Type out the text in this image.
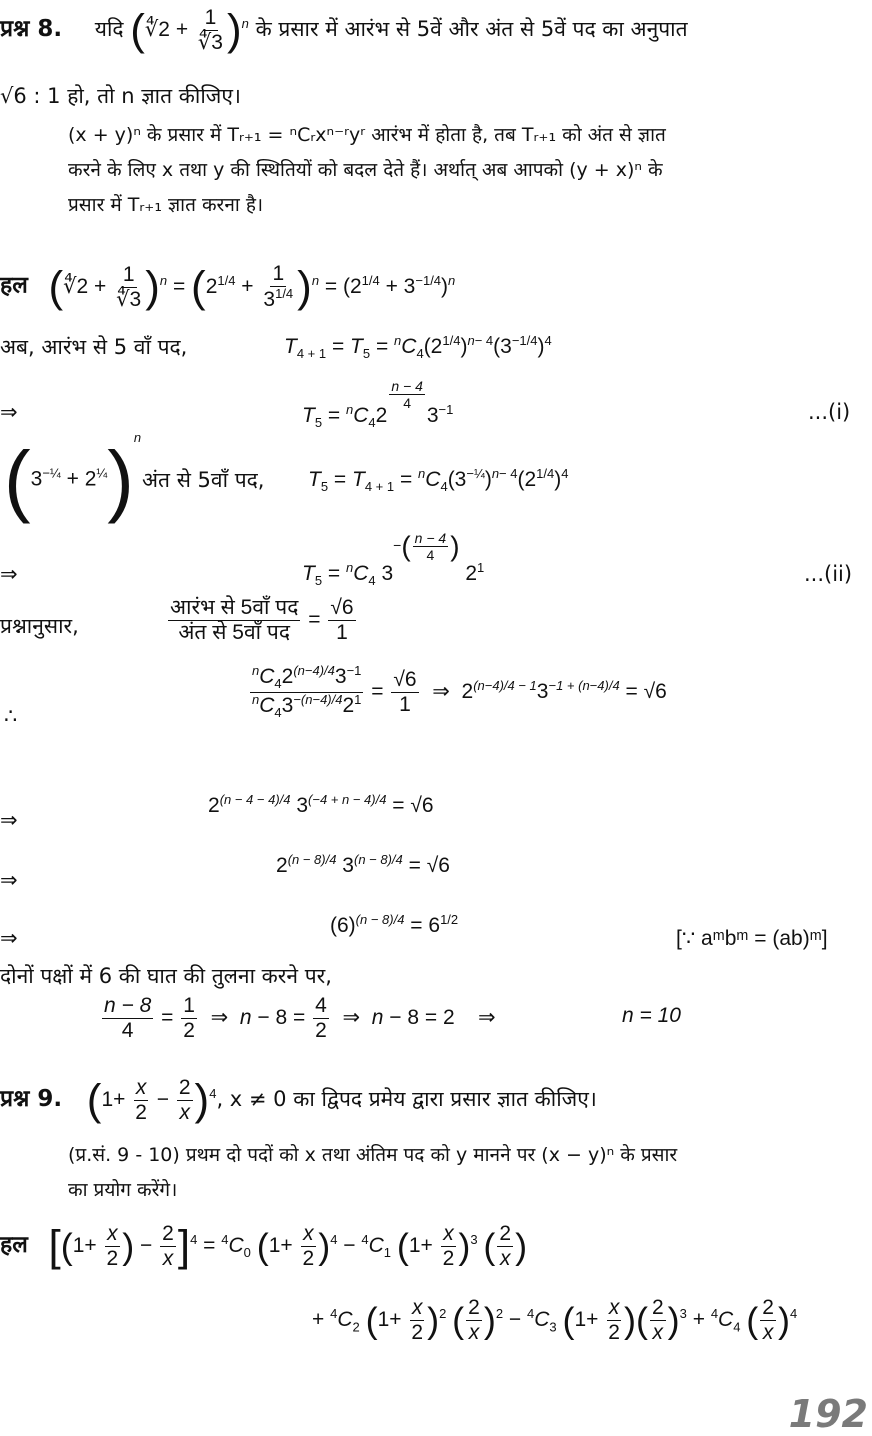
प्रश्न 8. यदि (∜2 + $\frac{1}{∜3} )^n$ के प्रसार में आरंभ से 5वें और अंत से 5वें पद का अनुपात
√6 : 1 हो, तो n ज्ञात कीजिए।
(x + y)ⁿ के प्रसार में Tᵣ₊₁ = ⁿCᵣxⁿ⁻ʳyʳ आरंभ में होता है, तब Tᵣ₊₁ को अंत से ज्ञात
करने के लिए x तथा y की स्थितियों को बदल देते हैं। अर्थात् अब आपको (y + x)ⁿ के
प्रसार में Tᵣ₊₁ ज्ञात करना है।
हल (∜2 + $\frac{1}{∜3} )^n = (2^{1/4} + \frac{1}{3^{1/4}} )^n = (2^{1/4} + 3^{-1/4})^n$
अब, आरंभ से 5 वाँ पद,	$T_{4 + 1} = T_5 = ^nC_4(2^{1/4})^{n- 4}(3^{-1/4})^4$
⇒	$T_5 = ^nC_42$
$\frac{n - 4}{4}$
$3^{-1}$	...(i)
$(3^{-\frac{1}{4}} + 2^{\frac{1}{4}})^n$
अंत से 5वाँ पद, $T_5 = T_{4 + 1} = ^nC_4(3^{-\frac{1}{4}})^{n- 4}(2^{1/4})^4$
⇒	$T_5 = ^nC_4$ $3-( \frac{n - 4}{4}$ ) $2^1$	...(ii)
प्रश्नानुसार,	$\frac{\text{आरंभ से 5वाँ पद}}{\text{अंत से 5वाँ पद}} = \frac{√6}{1}$
∴	$\frac{^nC_42^{(n-4)/4}3^{-1}}{^nC_43^{-(n-4)/4}2^1} = \frac{√6}{1}$ ⇒  $2^{(n-4)/4 - 1}3^{-1 + (n-4)/4} = √6$
⇒
$2^{(n - 4 - 4)/4}$ $3^{(-4 + n - 4)/4} = √6$
⇒
$2^{(n - 8)/4}$ $3^{(n - 8)/4} = √6$
⇒
$(6)^{(n - 8)/4} = 6^{1/2}$
[∵ aᵐbᵐ = (ab)ᵐ]
दोनों पक्षों में 6 की घात की तुलना करने पर,
$\frac{n - 8}{4} = \frac{1}{2}$ ⇒  $n - 8 = \frac{4}{2}$ ⇒  n − 8 = 2    ⇒	n = 10
प्रश्न 9. $(1+ \frac{x}{2} - \frac{2}{x} )^4$, x ≠ 0 का द्विपद प्रमेय द्वारा प्रसार ज्ञात कीजिए।
(प्र.सं. 9 - 10) प्रथम दो पदों को x तथा अंतिम पद को y मानने पर (x − y)ⁿ के प्रसार
का प्रयोग करेंगे।
हल [($1+ \frac{x}{2}$ ) − $\frac{2}{x} ]^4 = ^4C_0$ $(1+ \frac{x}{2} )^4 - ^4C_1$ $(1+ \frac{x}{2} )^3$ ( $\frac{2}{x}$ )
+ $^4C_2$ $(1+ \frac{x}{2} )^2$ ( $\frac{2}{x} )^2 - ^4C_3$ ($1+ \frac{x}{2}$ )( $\frac{2}{x} )^3 + ^4C_4$ ( $\frac{2}{x} )^4$
192
